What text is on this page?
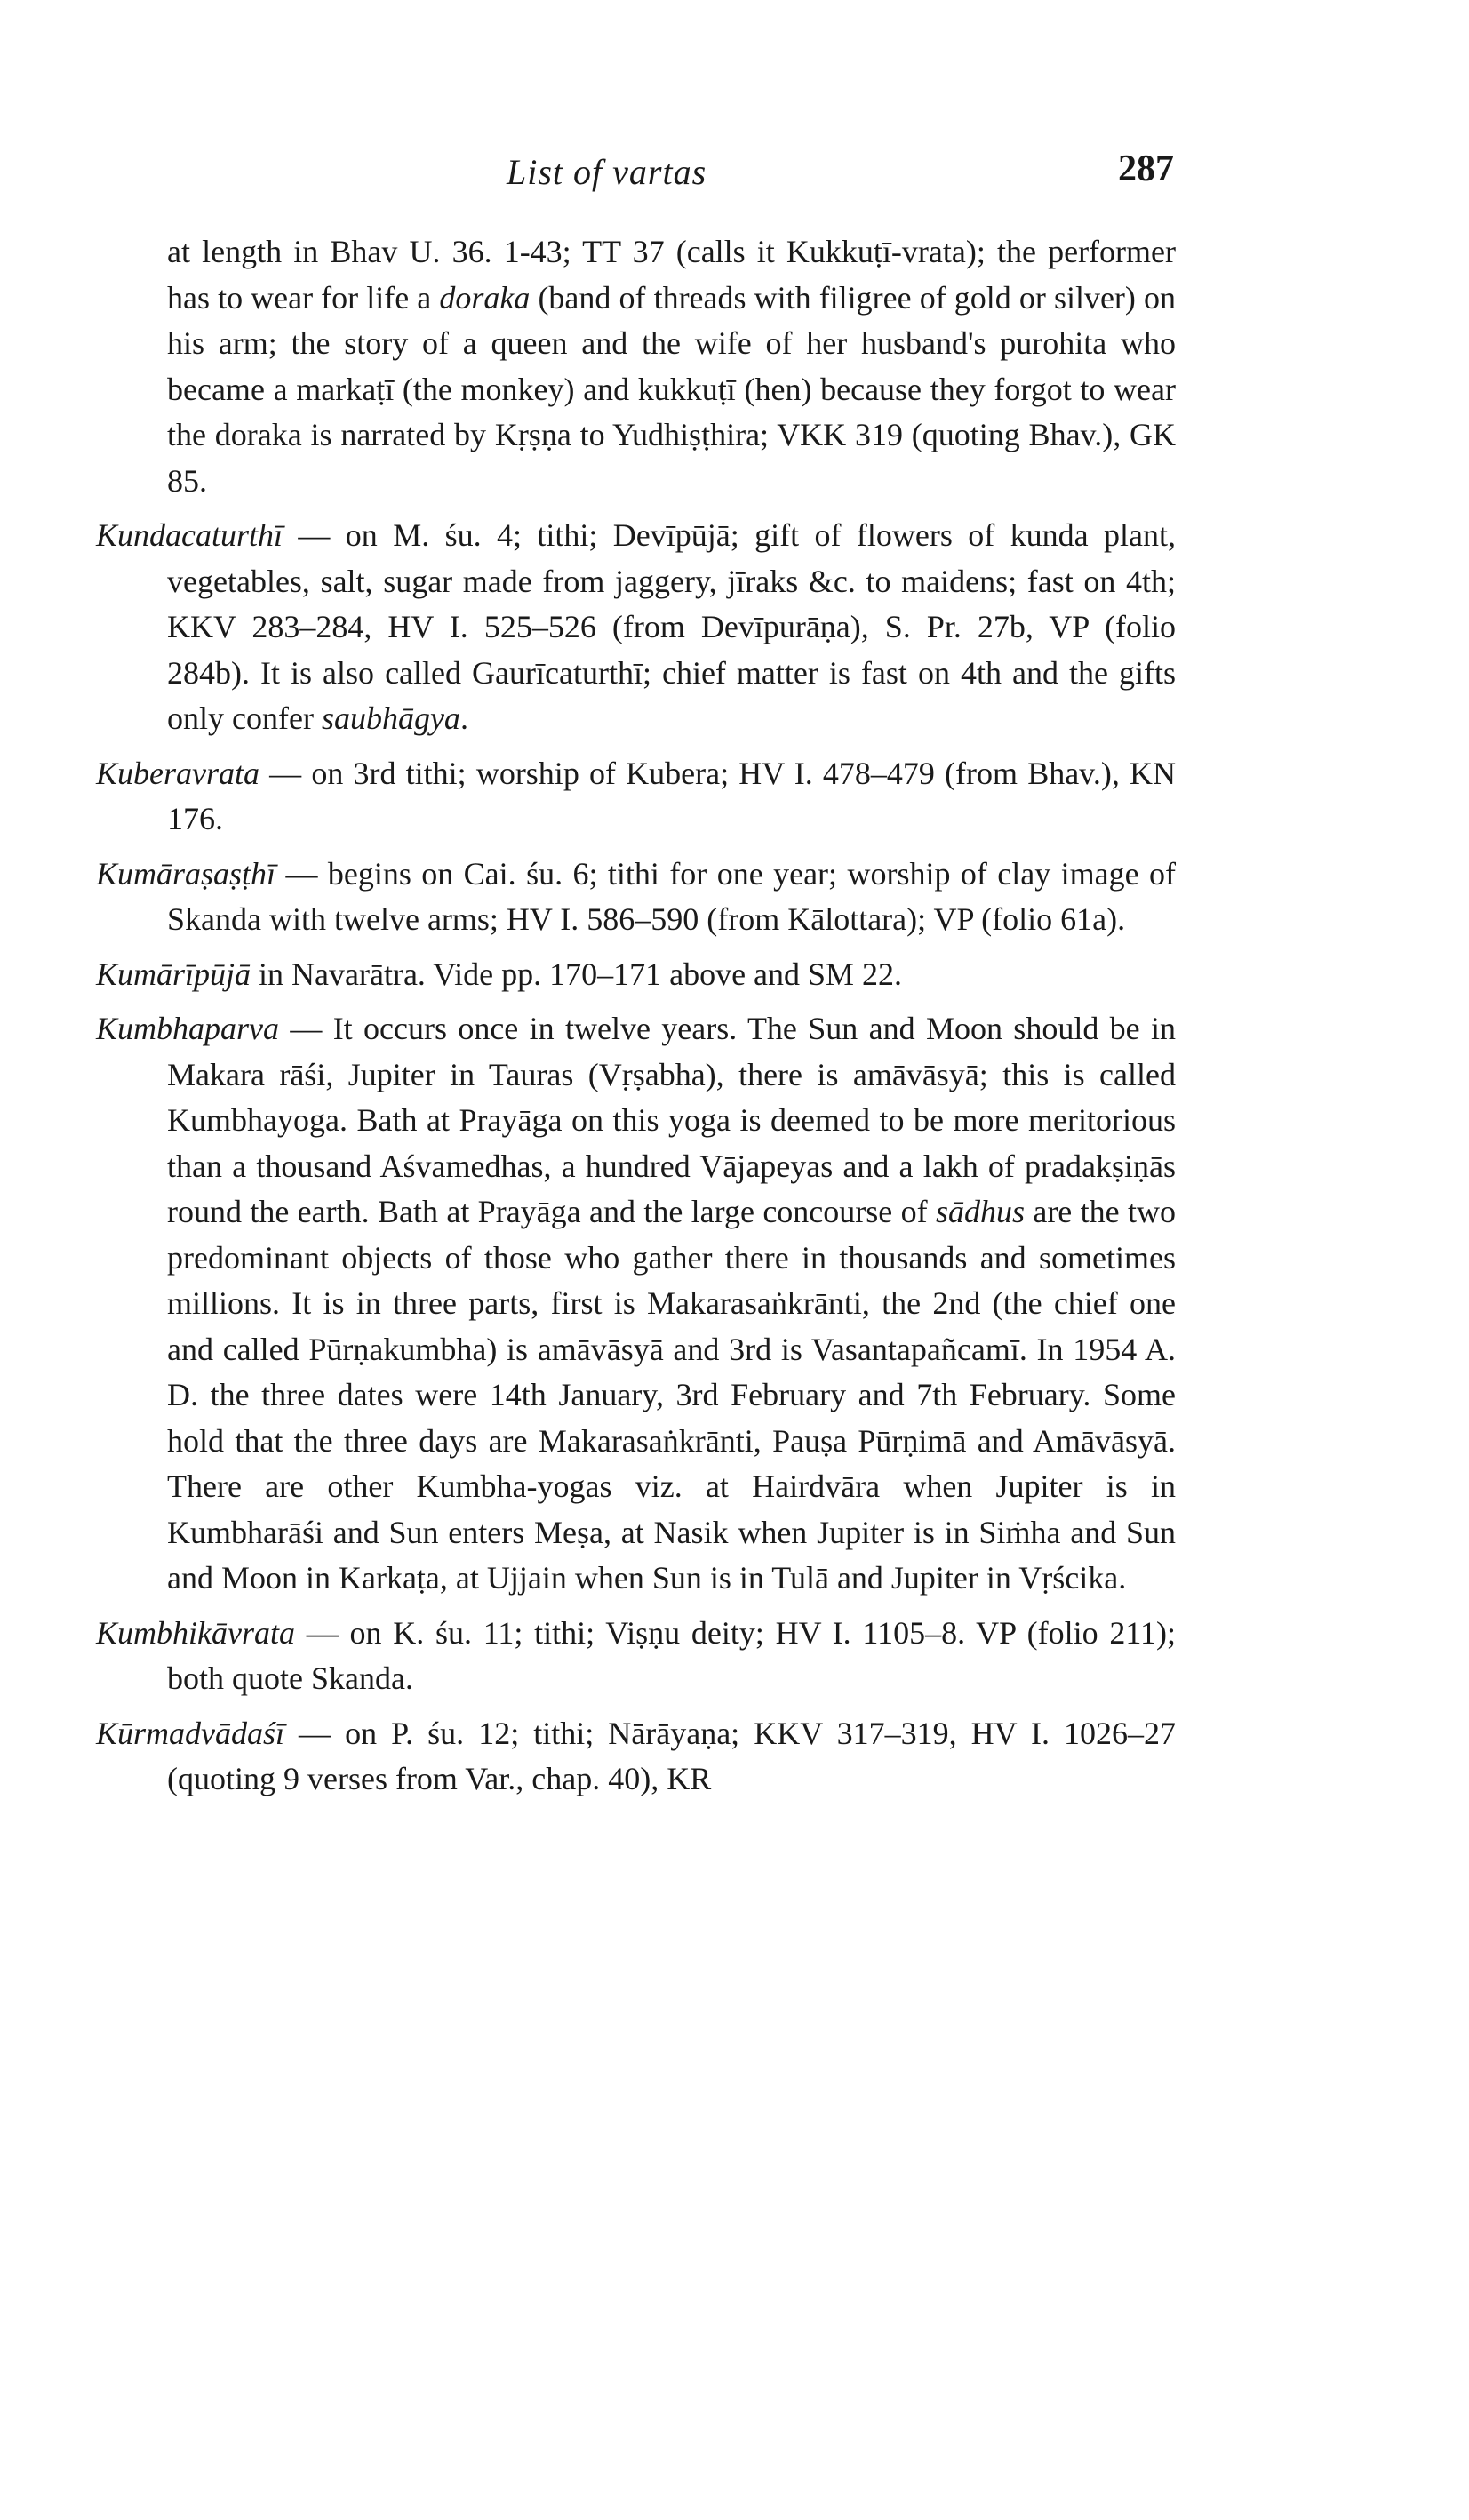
List of vartas	287

at length in Bhav U. 36. 1-43; TT 37 (calls it Kukkuṭī-vrata); the performer has to wear for life a doraka (band of threads with filigree of gold or silver) on his arm; the story of a queen and the wife of her husband's purohita who became a markaṭī (the monkey) and kukkuṭī (hen) because they forgot to wear the doraka is narrated by Kṛṣṇa to Yudhiṣṭhira; VKK 319 (quoting Bhav.), GK 85.

Kundacaturthī — on M. śu. 4; tithi; Devīpūjā; gift of flowers of kunda plant, vegetables, salt, sugar made from jaggery, jīraks &c. to maidens; fast on 4th; KKV 283–284, HV I. 525–526 (from Devīpurāṇa), S. Pr. 27b, VP (folio 284b). It is also called Gaurīcaturthī; chief matter is fast on 4th and the gifts only confer saubhāgya.

Kuberavrata — on 3rd tithi; worship of Kubera; HV I. 478–479 (from Bhav.), KN 176.

Kumāraṣaṣṭhī — begins on Cai. śu. 6; tithi for one year; worship of clay image of Skanda with twelve arms; HV I. 586–590 (from Kālottara); VP (folio 61a).

Kumārīpūjā in Navarātra. Vide pp. 170–171 above and SM 22.

Kumbhaparva — It occurs once in twelve years. The Sun and Moon should be in Makara rāśi, Jupiter in Tauras (Vṛṣabha), there is amāvāsyā; this is called Kumbhayoga. Bath at Prayāga on this yoga is deemed to be more meritorious than a thousand Aśvamedhas, a hundred Vājapeyas and a lakh of pradakṣiṇās round the earth. Bath at Prayāga and the large concourse of sādhus are the two predominant objects of those who gather there in thousands and sometimes millions. It is in three parts, first is Makarasaṅkrānti, the 2nd (the chief one and called Pūrṇakumbha) is amāvāsyā and 3rd is Vasantapañcamī. In 1954 A. D. the three dates were 14th January, 3rd February and 7th February. Some hold that the three days are Makarasaṅkrānti, Pauṣa Pūrṇimā and Amāvāsyā. There are other Kumbha-yogas viz. at Hairdvāra when Jupiter is in Kumbharāśi and Sun enters Meṣa, at Nasik when Jupiter is in Siṁha and Sun and Moon in Karkaṭa, at Ujjain when Sun is in Tulā and Jupiter in Vṛścika.

Kumbhikāvrata — on K. śu. 11; tithi; Viṣṇu deity; HV I. 1105–8. VP (folio 211); both quote Skanda.

Kūrmadvādaśī — on P. śu. 12; tithi; Nārāyaṇa; KKV 317–319, HV I. 1026–27 (quoting 9 verses from Var., chap. 40), KR
